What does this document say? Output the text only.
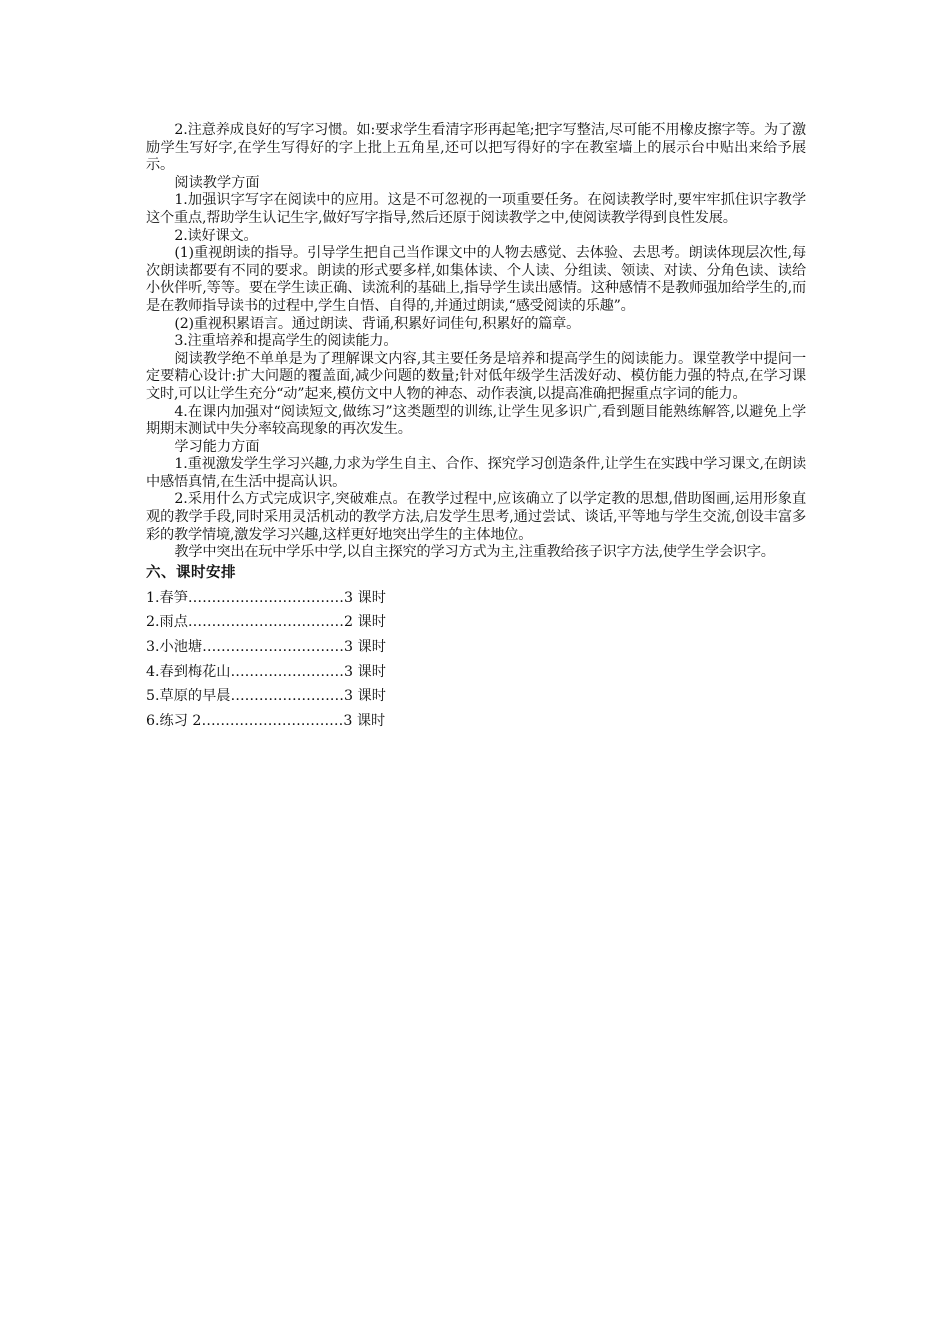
2.注意养成良好的写字习惯。如:要求学生看清字形再起笔;把字写整洁,尽可能不用橡皮擦字等。为了激励学生写好字,在学生写得好的字上批上五角星,还可以把写得好的字在教室墙上的展示台中贴出来给予展示。

阅读教学方面

1.加强识字写字在阅读中的应用。这是不可忽视的一项重要任务。在阅读教学时,要牢牢抓住识字教学这个重点,帮助学生认记生字,做好写字指导,然后还原于阅读教学之中,使阅读教学得到良性发展。

2.读好课文。

(1)重视朗读的指导。引导学生把自己当作课文中的人物去感觉、去体验、去思考。朗读体现层次性,每次朗读都要有不同的要求。朗读的形式要多样,如集体读、个人读、分组读、领读、对读、分角色读、读给小伙伴听,等等。要在学生读正确、读流利的基础上,指导学生读出感情。这种感情不是教师强加给学生的,而是在教师指导读书的过程中,学生自悟、自得的,并通过朗读,“感受阅读的乐趣”。

(2)重视积累语言。通过朗读、背诵,积累好词佳句,积累好的篇章。

3.注重培养和提高学生的阅读能力。

阅读教学绝不单单是为了理解课文内容,其主要任务是培养和提高学生的阅读能力。课堂教学中提问一定要精心设计:扩大问题的覆盖面,减少问题的数量;针对低年级学生活泼好动、模仿能力强的特点,在学习课文时,可以让学生充分“动”起来,模仿文中人物的神态、动作表演,以提高准确把握重点字词的能力。

4.在课内加强对“阅读短文,做练习”这类题型的训练,让学生见多识广,看到题目能熟练解答,以避免上学期期末测试中失分率较高现象的再次发生。

学习能力方面

1.重视激发学生学习兴趣,力求为学生自主、合作、探究学习创造条件,让学生在实践中学习课文,在朗读中感悟真情,在生活中提高认识。

2.采用什么方式完成识字,突破难点。在教学过程中,应该确立了以学定教的思想,借助图画,运用形象直观的教学手段,同时采用灵活机动的教学方法,启发学生思考,通过尝试、谈话,平等地与学生交流,创设丰富多彩的教学情境,激发学习兴趣,这样更好地突出学生的主体地位。

教学中突出在玩中学乐中学,以自主探究的学习方式为主,注重教给孩子识字方法,使学生学会识字。

六、课时安排
1.春笋……………………………3 课时
2.雨点……………………………2 课时
3.小池塘…………………………3 课时
4.春到梅花山……………………3 课时
5.草原的早晨……………………3 课时
6.练习 2…………………………3 课时
